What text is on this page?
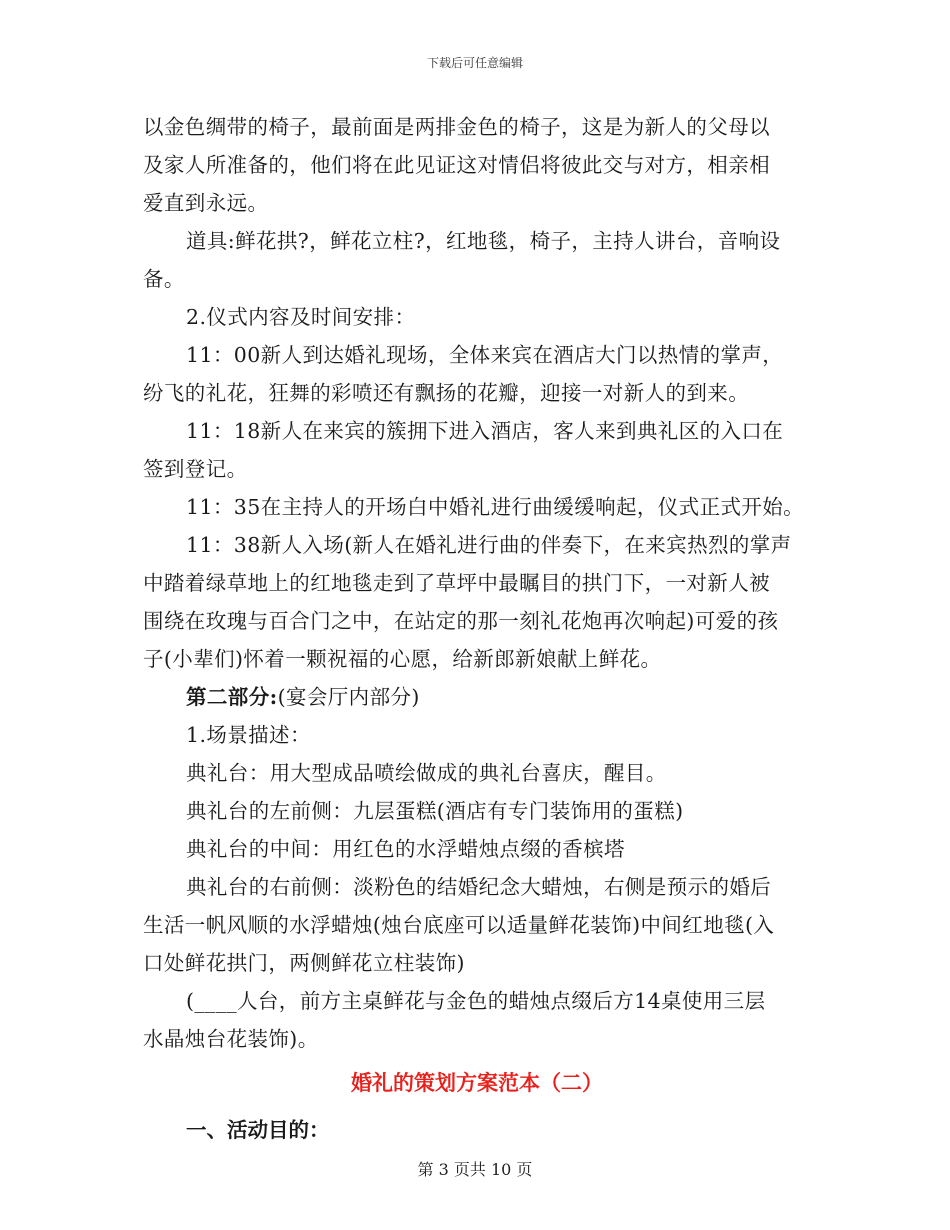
下载后可任意编辑
以金色绸带的椅子，最前面是两排金色的椅子，这是为新人的父母以
及家人所准备的，他们将在此见证这对情侣将彼此交与对方，相亲相
爱直到永远。
道具:鲜花拱?，鲜花立柱?，红地毯，椅子，主持人讲台，音响设
备。
2.仪式内容及时间安排：
11：00新人到达婚礼现场，全体来宾在酒店大门以热情的掌声，
纷飞的礼花，狂舞的彩喷还有飘扬的花瓣，迎接一对新人的到来。
11：18新人在来宾的簇拥下进入酒店，客人来到典礼区的入口在
签到登记。
11：35在主持人的开场白中婚礼进行曲缓缓响起，仪式正式开始。
11：38新人入场(新人在婚礼进行曲的伴奏下，在来宾热烈的掌声
中踏着绿草地上的红地毯走到了草坪中最瞩目的拱门下，一对新人被
围绕在玫瑰与百合门之中，在站定的那一刻礼花炮再次响起)可爱的孩
子(小辈们)怀着一颗祝福的心愿，给新郎新娘献上鲜花。
第二部分:(宴会厅内部分)
1.场景描述：
典礼台：用大型成品喷绘做成的典礼台喜庆，醒目。
典礼台的左前侧：九层蛋糕(酒店有专门装饰用的蛋糕)
典礼台的中间：用红色的水浮蜡烛点缀的香槟塔
典礼台的右前侧：淡粉色的结婚纪念大蜡烛，右侧是预示的婚后
生活一帆风顺的水浮蜡烛(烛台底座可以适量鲜花装饰)中间红地毯(入
口处鲜花拱门，两侧鲜花立柱装饰)
(____人台，前方主桌鲜花与金色的蜡烛点缀后方14桌使用三层
水晶烛台花装饰)。
婚礼的策划方案范本（二）
一、活动目的：
第 3 页共 10 页
